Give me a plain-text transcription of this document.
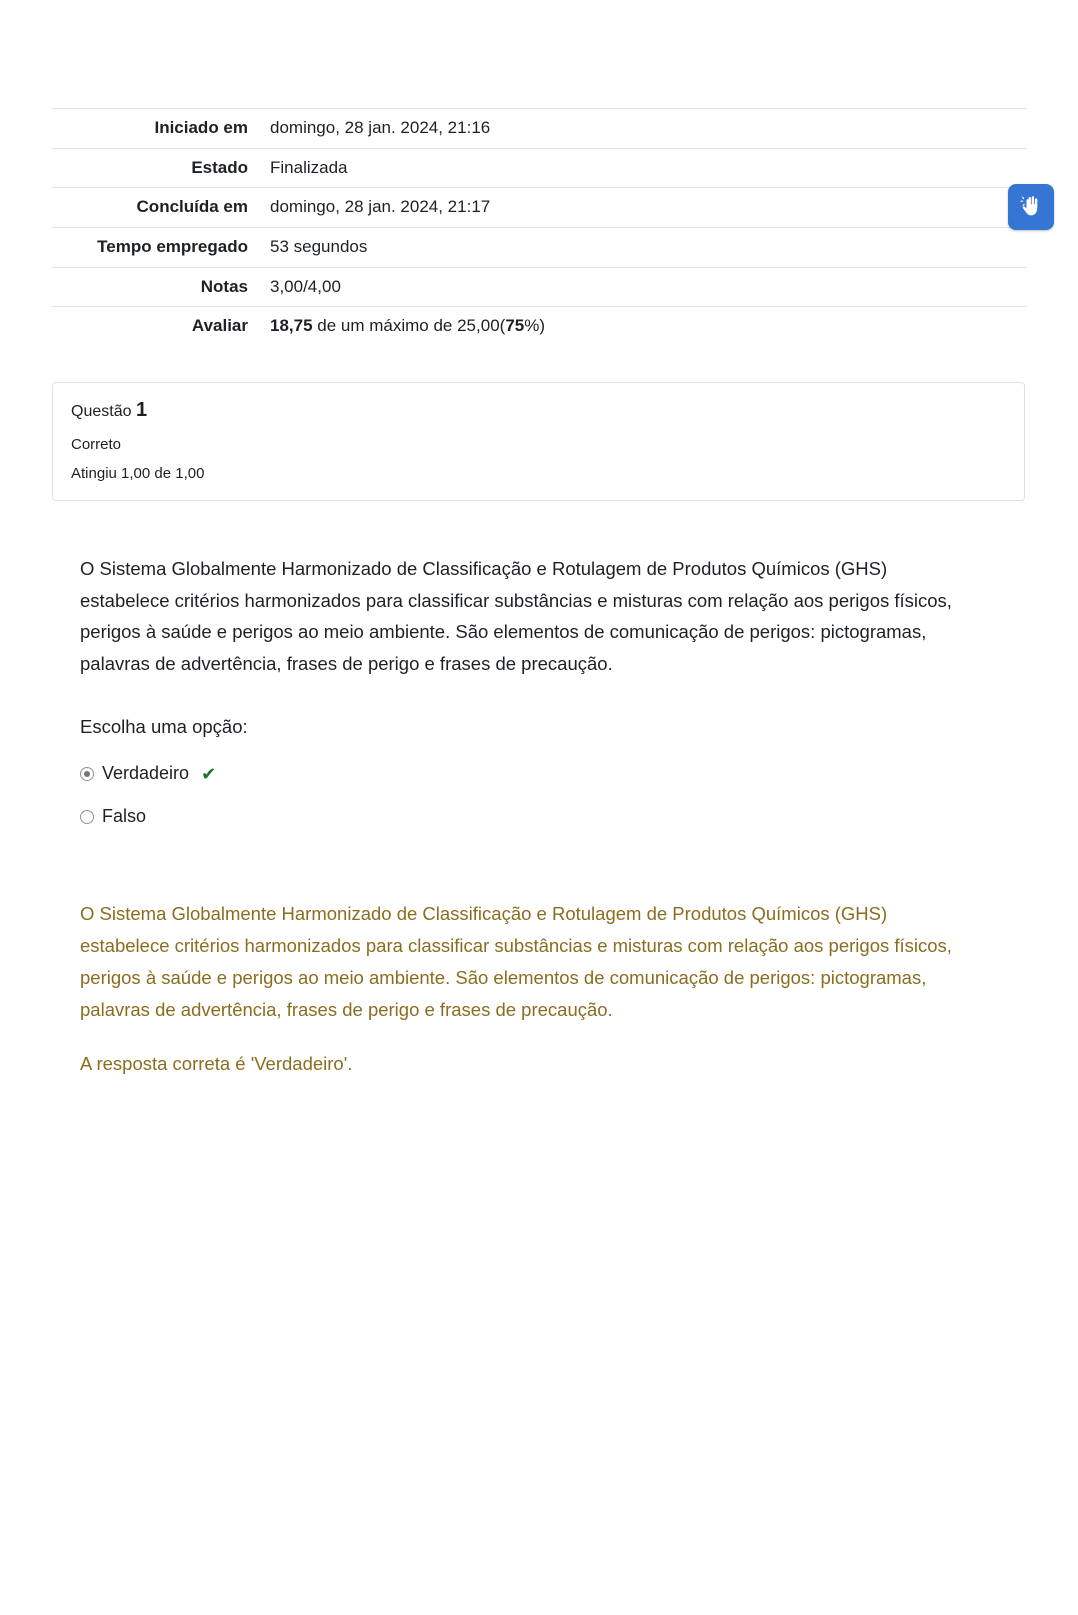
Iniciado em	domingo, 28 jan. 2024, 21:16
Estado	Finalizada
Concluída em	domingo, 28 jan. 2024, 21:17
Tempo empregado	53 segundos
Notas	3,00/4,00
Avaliar	18,75 de um máximo de 25,00(75%)

Questão 1

Correto

Atingiu 1,00 de 1,00

O Sistema Globalmente Harmonizado de Classificação e Rotulagem de Produtos Químicos (GHS) estabelece critérios harmonizados para classificar substâncias e misturas com relação aos perigos físicos, perigos à saúde e perigos ao meio ambiente. São elementos de comunicação de perigos: pictogramas, palavras de advertência, frases de perigo e frases de precaução.

Escolha uma opção:

Verdadeiro ✔
Falso

O Sistema Globalmente Harmonizado de Classificação e Rotulagem de Produtos Químicos (GHS) estabelece critérios harmonizados para classificar substâncias e misturas com relação aos perigos físicos, perigos à saúde e perigos ao meio ambiente. São elementos de comunicação de perigos: pictogramas, palavras de advertência, frases de perigo e frases de precaução.

A resposta correta é 'Verdadeiro'.
